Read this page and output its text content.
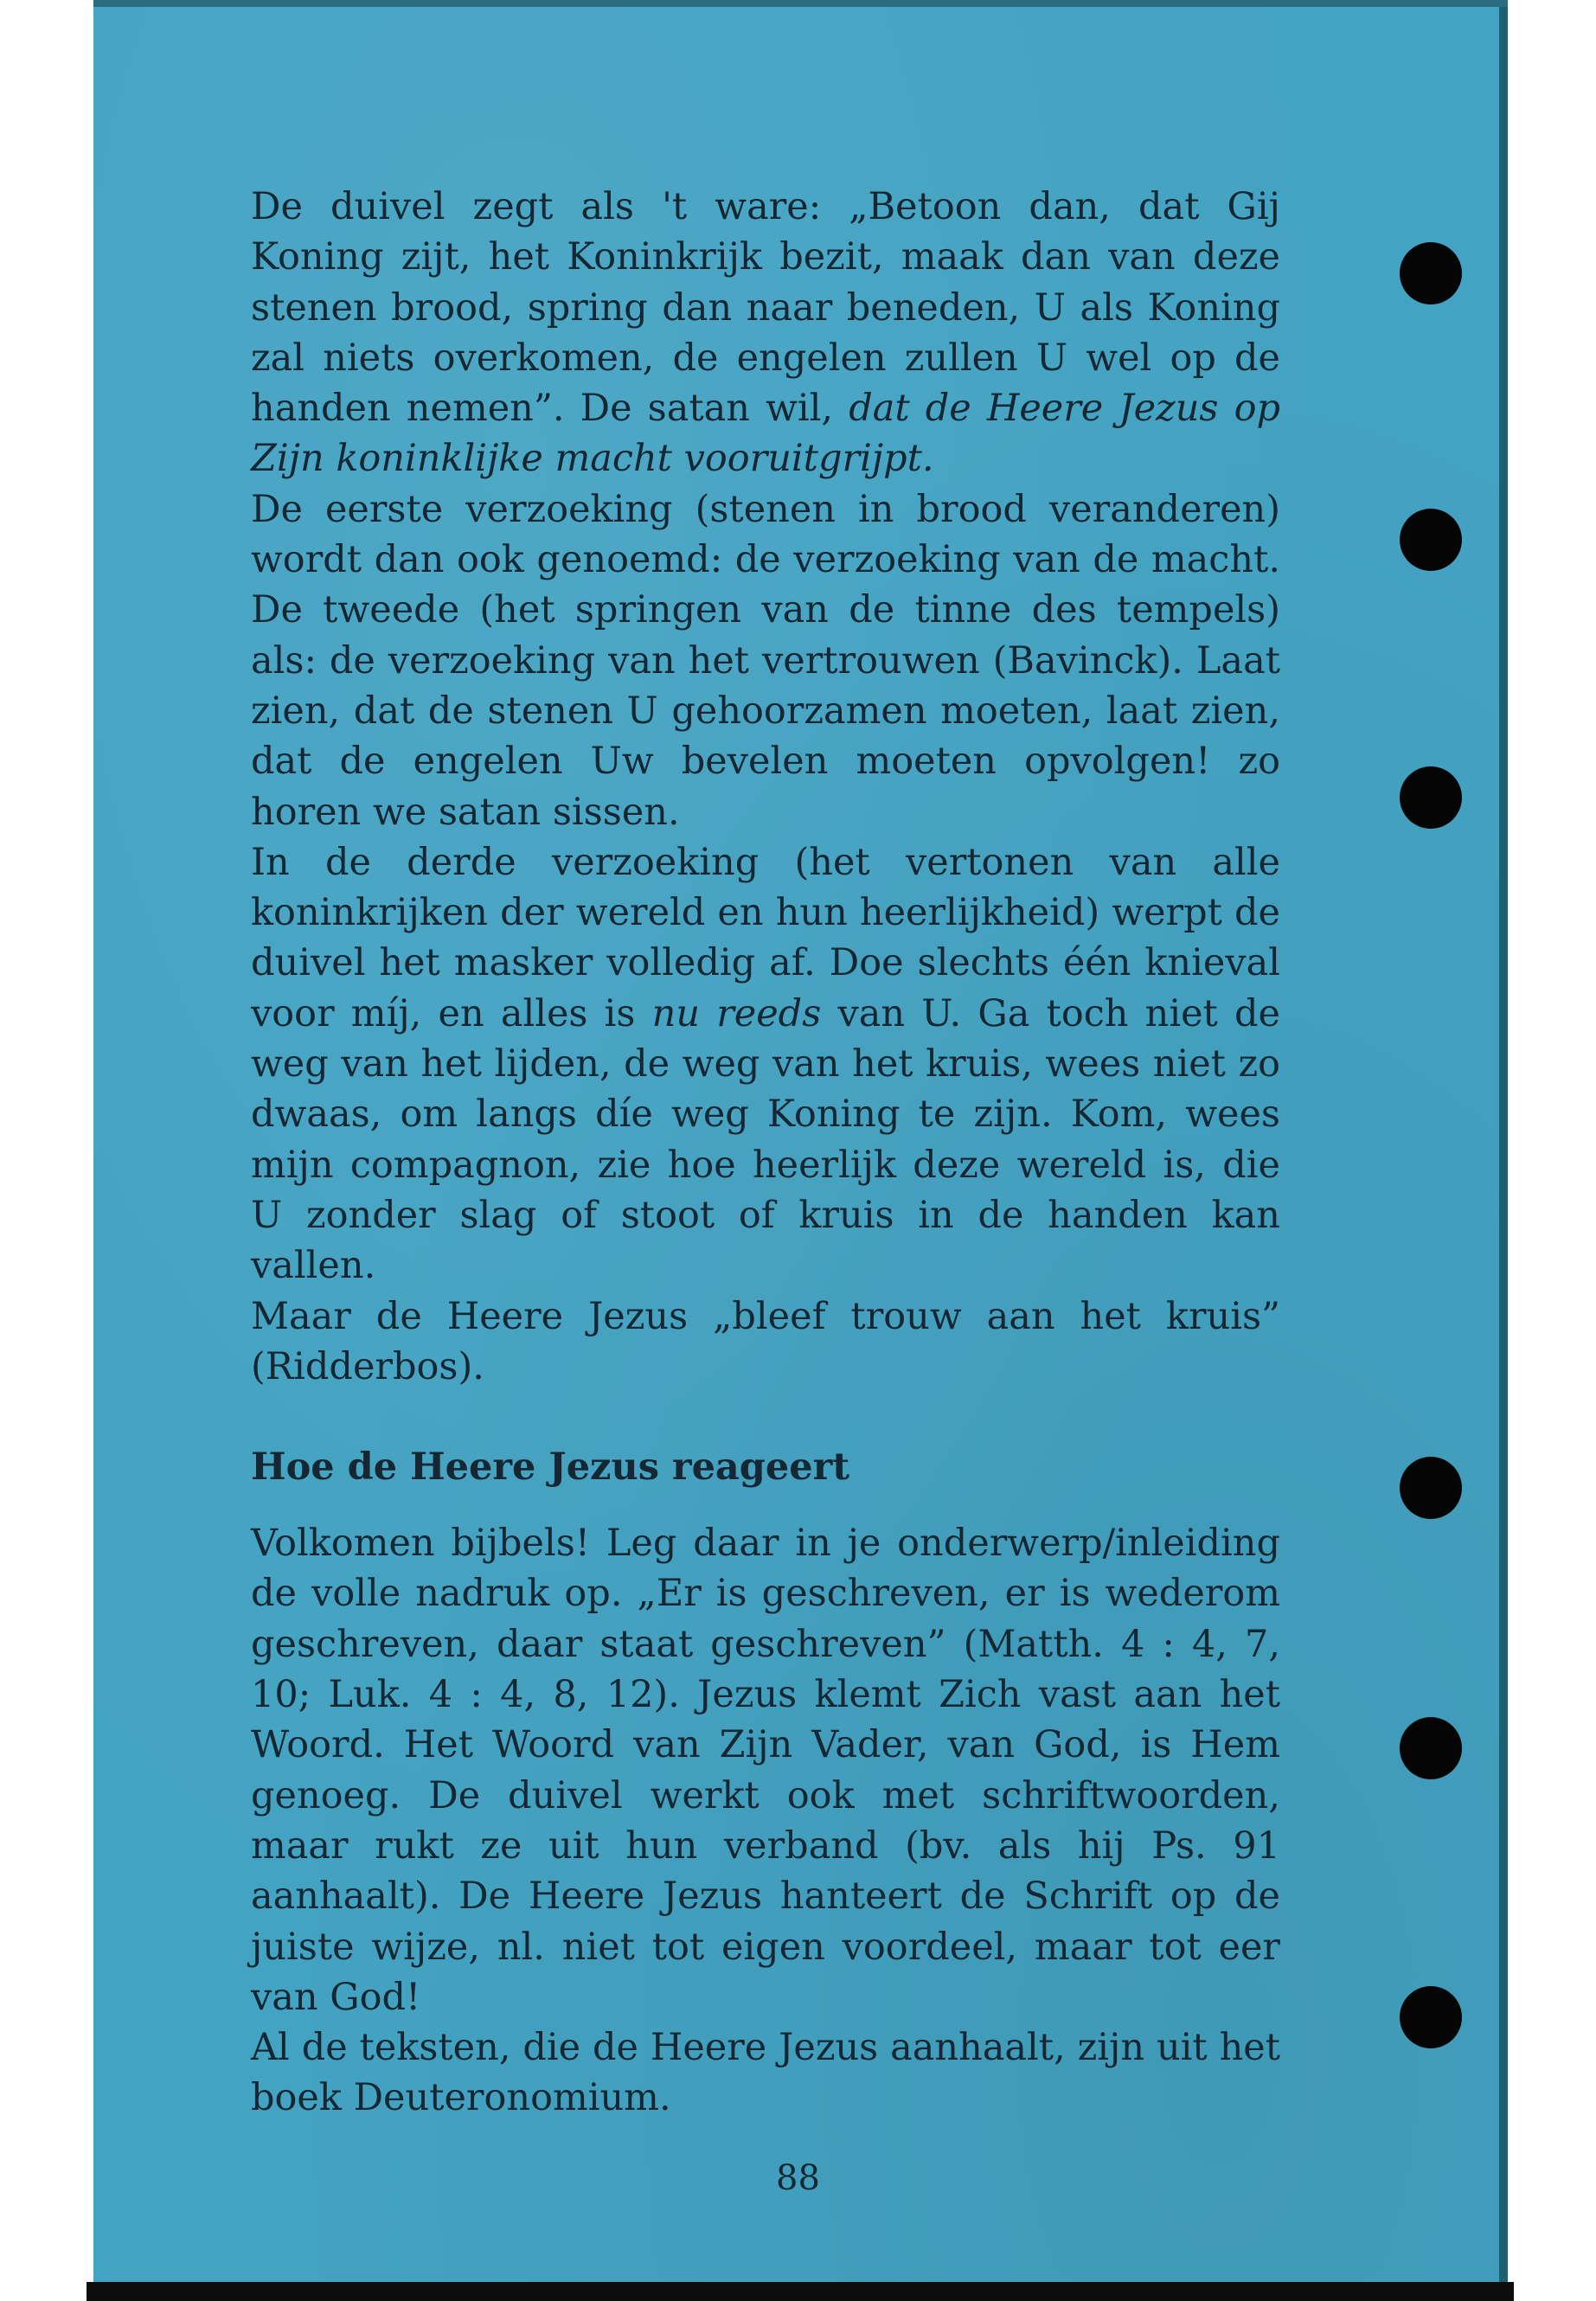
De duivel zegt als 't ware: „Betoon dan, dat Gij Koning zijt, het Koninkrijk bezit, maak dan van deze stenen brood, spring dan naar beneden, U als Koning zal niets overkomen, de engelen zullen U wel op de handen nemen”. De satan wil, dat de Heere Jezus op Zijn koninklijke macht vooruitgrijpt.

De eerste verzoeking (stenen in brood veranderen) wordt dan ook genoemd: de verzoeking van de macht. De tweede (het springen van de tinne des tempels) als: de verzoeking van het vertrouwen (Bavinck). Laat zien, dat de stenen U gehoorzamen moeten, laat zien, dat de engelen Uw bevelen moeten opvolgen! zo horen we satan sissen.

In de derde verzoeking (het vertonen van alle koninkrijken der wereld en hun heerlijkheid) werpt de duivel het masker volledig af. Doe slechts één knieval voor míj, en alles is nu reeds van U. Ga toch niet de weg van het lijden, de weg van het kruis, wees niet zo dwaas, om langs díe weg Koning te zijn. Kom, wees mijn compagnon, zie hoe heerlijk deze wereld is, die U zonder slag of stoot of kruis in de handen kan vallen.

Maar de Heere Jezus „bleef trouw aan het kruis” (Ridderbos).

Hoe de Heere Jezus reageert

Volkomen bijbels! Leg daar in je onderwerp/inleiding de volle nadruk op. „Er is geschreven, er is wederom geschreven, daar staat geschreven” (Matth. 4 : 4, 7, 10; Luk. 4 : 4, 8, 12). Jezus klemt Zich vast aan het Woord. Het Woord van Zijn Vader, van God, is Hem genoeg. De duivel werkt ook met schriftwoorden, maar rukt ze uit hun verband (bv. als hij Ps. 91 aanhaalt). De Heere Jezus hanteert de Schrift op de juiste wijze, nl. niet tot eigen voordeel, maar tot eer van God!

Al de teksten, die de Heere Jezus aanhaalt, zijn uit het boek Deuteronomium.

88
